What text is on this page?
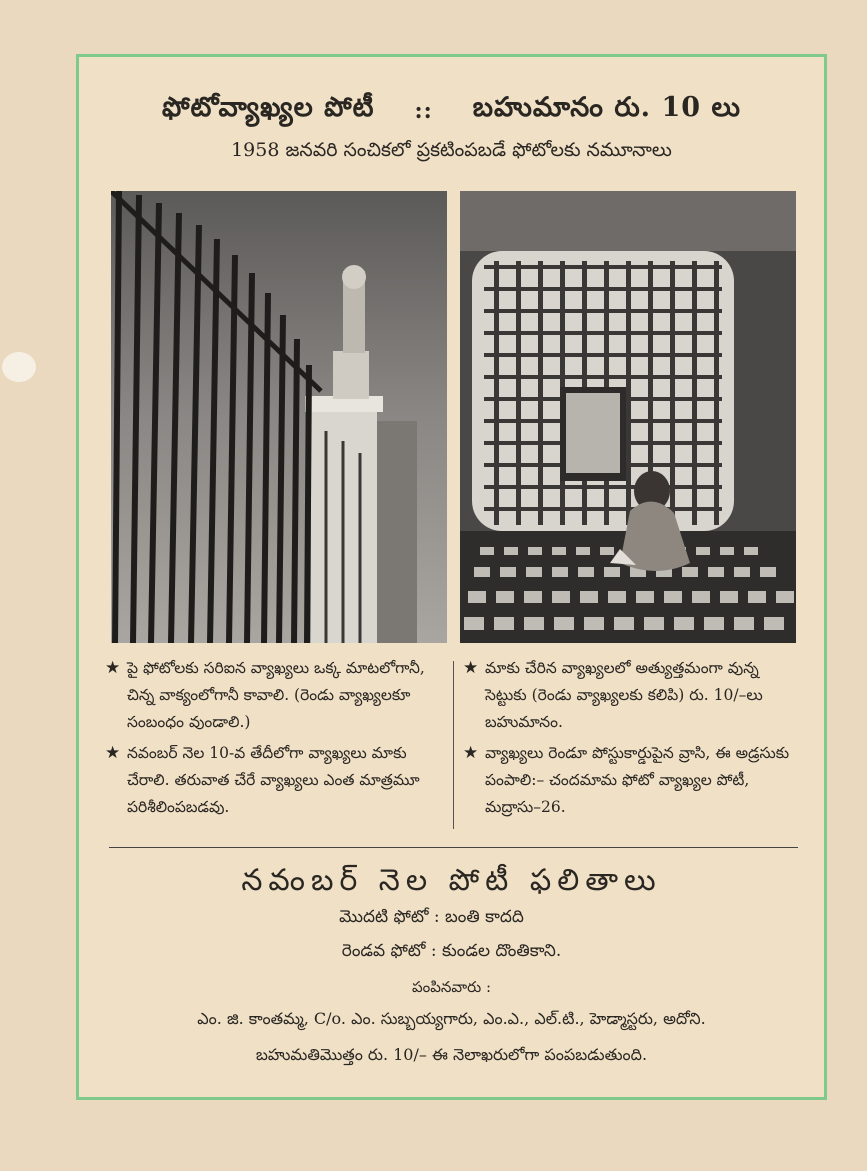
ఫోటోవ్యాఖ్యల పోటీ :: బహుమానం రు. 10 లు
1958 జనవరి సంచికలో ప్రకటింపబడే ఫోటోలకు నమూనాలు
★ పై ఫోటోలకు సరిఐన వ్యాఖ్యలు ఒక్క మాటలోగానీ, చిన్న వాక్యంలోగానీ కావాలి. (రెండు వ్యాఖ్యలకూ సంబంధం వుండాలి.)
★ నవంబర్ నెల 10-వ తేదీలోగా వ్యాఖ్యలు మాకు చేరాలి. తరువాత చేరే వ్యాఖ్యలు ఎంత మాత్రమూ పరిశీలింపబడవు.
★ మాకు చేరిన వ్యాఖ్యలలో అత్యుత్తమంగా వున్న సెట్టుకు (రెండు వ్యాఖ్యలకు కలిపి) రు. 10/–లు బహుమానం.
★ వ్యాఖ్యలు రెండూ పోస్టుకార్డుపైన వ్రాసి, ఈ అడ్రసుకు పంపాలి:– చందమామ ఫోటో వ్యాఖ్యల పోటీ, మద్రాసు–26.
నవంబర్ నెల పోటీ ఫలితాలు
మొదటి ఫోటో : బంతి కాదది
రెండవ ఫోటో : కుండల దొంతికాని.
పంపినవారు :
ఎం. జి. కాంతమ్మ, C/o. ఎం. సుబ్బయ్యగారు, ఎం.ఎ., ఎల్.టి., హెడ్మాస్టరు, అదోని.
బహుమతిమొత్తం రు. 10/– ఈ నెలాఖరులోగా పంపబడుతుంది.
